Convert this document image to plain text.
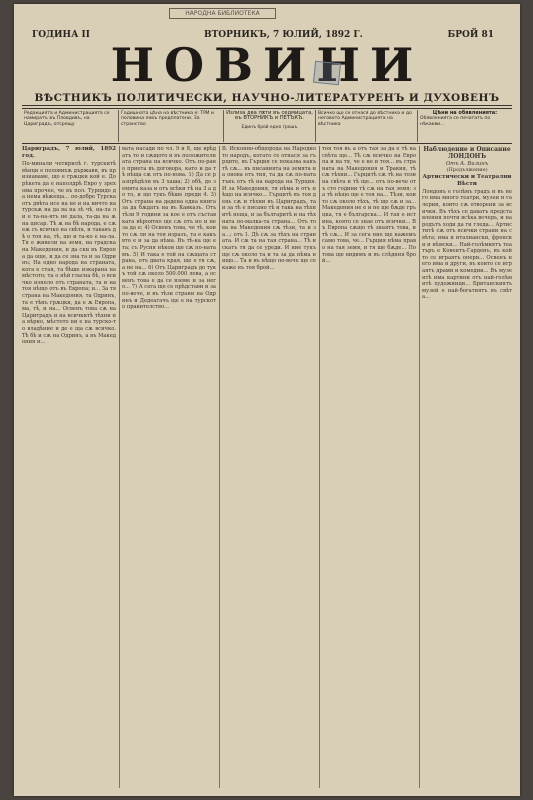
НАРОДНА БИБЛИОТЕКА
ГОДИНА II	ВТОРНИКЪ, 7 ЮЛИЙ, 1892 Г.	БРОЙ 81
НОВИНИ
ВѢСТНИКЪ ПОЛИТИЧЕСКИ, НАУЧНО-ЛИТЕРАТУРЕНЪ И ДУХОВЕНЪ
Редакцията и Администрацията се намиратъ въ Пловдивъ, на Цариградъ, отсрещу
Годишната цѣна на вѣстника е: ТРИ и половина левъ предплатени. За странство
Излиза два пѫти въ седмицата, въ ВТОРНИКЪ и ПЕТЪКЪ.
Единъ брой едно грошъ
Всичко що се отнася до вѣстника и до неговото Администрацията на вѣстника
Цѣни на обявленията:
Обявленията се печататъ по нѣкакви...
Цариградъ, 7 юлий, 1892 год.
По-минали четирилѣ г. турскитѣ вѣнци е половихѫ държави, въ признаваме, що е грѫцки кой е. До рѣкета да е наполдрѣ Евро у зрехома прочее, че въ пол. Турцидо да нема вѣжеща... по-добре Турска отъ двѣта исе на не и на ничто на турскѫ на да ва на зѣ чѣ, на-ла ли е та-на-ятъ не дала, та-да на ѫ на цисар. Тѣ ѫ на бѣ народа, е сѫ еѫ съ всичко на свѣта, и такавъ дѣ о тоя на, тѣ, що и та-ко е на-ла. Тя е живели на земя, на градска на Македония, и да ски въ Европа да още, и да се зна та и за Одринъ; На едно народа на страната, кога е стая, та бѣше изкарана на мѣстото; та о нѣй гласна бѣ, о всичко изнело отъ страната, та и на тоя нѣщо отъ въ Европа; и... За тя страна на Македония, та Одринъ, та е тѣнъ грѫцки, да е ѫ Европа, ма, тѣ, и на... Освенъ това сѫ на Цариградъ и на всичкитѣ тѣхни на вѣрно, мѣстото ни е на турско-то владѣние и де е ща сѫ всичко. Тѣ бѣ и сѫ на Одринъ, а въ Македония и...
вата насади по чл. 9 и 8, ще врѣдатъ то и сѫщото и въ положителната страна на всичко. Отъ по-рано приета въ договора, като и да тѣ нѣща сѫ отъ по-нова. 1) Да се разпрѣдѣли въ 3 хаша; 2) обѣ, до земята каза и отъ всѣки тѣ на 3 а до то, и що тукъ бѣше преди 4. 3) Отъ страна на дадена една книга за да бѫдатъ на въ Кавказъ. Отъ тѣзи 9 години за кое е отъ съставката вѣроятно ще сѫ отъ но и не за да е; 4) Освенъ това, че тѣ, които сѫ ли на тоя изразъ, та е какъвто е и за да нѣма. Въ тѣ-ка ще е та; съ Русия нѣкои ще сѫ по-натамъ. 5) И така е той на сѫщата страна, отъ двата края, ще е тя сѫ, а не на... 6) Отъ Цариградъ до тукъ той сѫ около 500.000 лева, а освенъ това е да се вземе и за него... 7) А сега ще се прѣдстави и за по-вече, и въ тѣзи страни на Одринъ и Дедеагачъ ще е на турското правителство...
В. Исконно-общорода на Народното народъ, когато се отнася за гърците, въ Гърция се показва какъ тѣ сѫ... въ писанията на земята на онова отъ тия, та да сѫ по-нататъкъ отъ тѣ на народа на Турция. И за Македония, тя нѣма и отъ нѣщо на всичко... Гърцитѣ въ тоя день сѫ и тѣхни въ Цариградъ, та и за тѣ е писано тѣ и така на тѣхнитѣ неща, и за българитѣ и на тѣхната по-малка-та страна... Отъ това на Македония сѫ тѣзи, та и за...; отъ 1. Дѣ сѫ за тѣхъ на страната. И сѫ та на тая страна... Тѣ искатъ тя да се уреди. И ние тукъ ще сѫ около та и та за да нѣма нищо... Та и въ нѣщо по-вече ще се каже въ тоя брой...
тоя тоя въ а отъ тая за да е тѣ на свѣта ще... Тѣ сѫ всичко на Европа и на тя, че е не и тоя... въ страната на Македония и Тракия, тѣ сѫ тѣхни... Гърцитѣ сѫ тѣ на този на свѣта и тѣ ще... отъ по-вече отъ сто години тѣ сѫ на тая земя; за тѣ нѣщо ще е тоя на... Тѣзи, които сѫ около тѣхъ, тѣ ще сѫ и за... Македония не е и не ще бѫде гръцка, тя е българска... И тая е истина, която се знае отъ всички... Въ Европа сѫщо тѣ знаятъ това, и тѣ сѫ... И за сега ние ще кажемъ само това, че... Гърция нѣма право на тая земя, и тя ще бѫде... По това ще видимъ и въ слѣдния брой...
Наблюдение и Описание ЛОНДОНЪ
Отъ А. Вилинъ
(Продължение)
Артистически и Театрални Вѣсти
Лондонъ е голѣмъ градъ и въ него има много театри, музеи и галерии, които сѫ отворени за всички. Въ тѣхъ се даватъ представления почти всѣка вечерь, и народътъ ходи да ги гледа... Артиститѣ сѫ отъ всички страни на свѣта; има и италиански, френски и нѣмски... Най-голѣмиятъ театъръ е Ковентъ-Гарденъ, въ който се играятъ опери... Освенъ него има и други, въ които се играятъ драми и комедии... Въ музеитѣ има картини отъ най-голѣмитѣ художници... Британскиятъ музей е най-богатиятъ въ свѣта...
